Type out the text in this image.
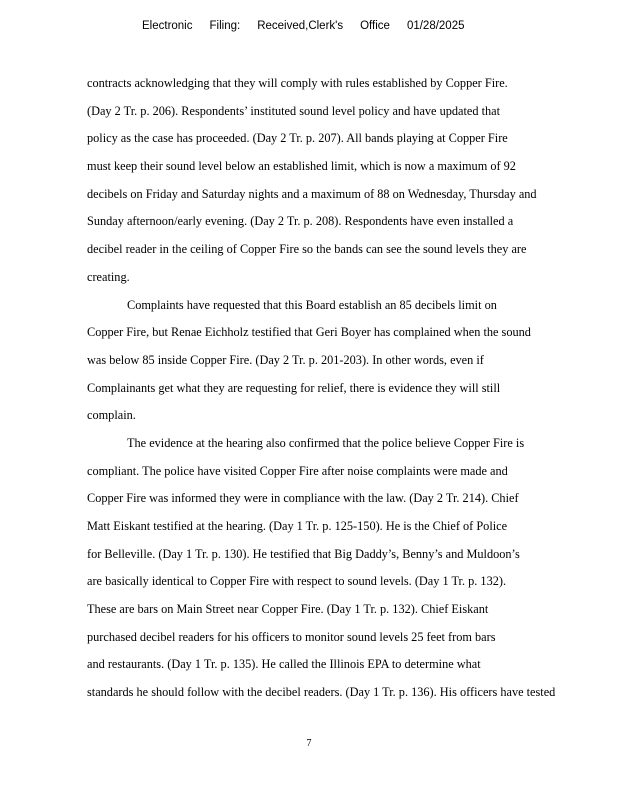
Electronic Filing: Received,Clerk's Office 01/28/2025
contracts acknowledging that they will comply with rules established by Copper Fire.
(Day 2 Tr. p. 206). Respondents’ instituted sound level policy and have updated that
policy as the case has proceeded. (Day 2 Tr. p. 207). All bands playing at Copper Fire
must keep their sound level below an established limit, which is now a maximum of 92
decibels on Friday and Saturday nights and a maximum of 88 on Wednesday, Thursday and
Sunday afternoon/early evening. (Day 2 Tr. p. 208). Respondents have even installed a
decibel reader in the ceiling of Copper Fire so the bands can see the sound levels they are
creating.
Complaints have requested that this Board establish an 85 decibels limit on
Copper Fire, but Renae Eichholz testified that Geri Boyer has complained when the sound
was below 85 inside Copper Fire. (Day 2 Tr. p. 201-203). In other words, even if
Complainants get what they are requesting for relief, there is evidence they will still
complain.
The evidence at the hearing also confirmed that the police believe Copper Fire is
compliant. The police have visited Copper Fire after noise complaints were made and
Copper Fire was informed they were in compliance with the law. (Day 2 Tr. 214). Chief
Matt Eiskant testified at the hearing. (Day 1 Tr. p. 125-150). He is the Chief of Police
for Belleville. (Day 1 Tr. p. 130). He testified that Big Daddy’s, Benny’s and Muldoon’s
are basically identical to Copper Fire with respect to sound levels. (Day 1 Tr. p. 132).
These are bars on Main Street near Copper Fire. (Day 1 Tr. p. 132). Chief Eiskant
purchased decibel readers for his officers to monitor sound levels 25 feet from bars
and restaurants. (Day 1 Tr. p. 135). He called the Illinois EPA to determine what
standards he should follow with the decibel readers. (Day 1 Tr. p. 136). His officers have tested
7
